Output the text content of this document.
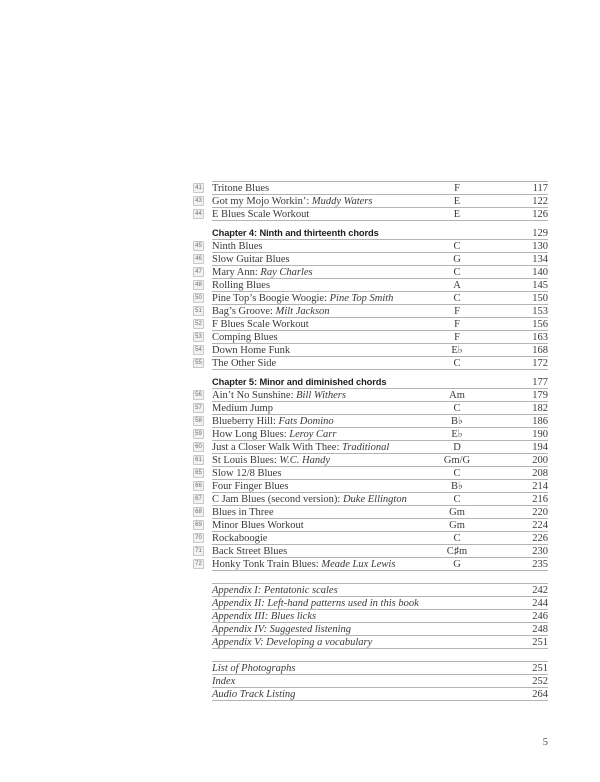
41 Tritone Blues	F	117
43 Got my Mojo Workin’: Muddy Waters	E	122
44 E Blues Scale Workout	E	126
Chapter 4: Ninth and thirteenth chords	129
45 Ninth Blues	C	130
46 Slow Guitar Blues	G	134
47 Mary Ann: Ray Charles	C	140
48 Rolling Blues	A	145
50 Pine Top’s Boogie Woogie: Pine Top Smith	C	150
51 Bag’s Groove: Milt Jackson	F	153
52 F Blues Scale Workout	F	156
53 Comping Blues	F	163
54 Down Home Funk	E♭	168
55 The Other Side	C	172
Chapter 5: Minor and diminished chords	177
56 Ain’t No Sunshine: Bill Withers	Am	179
57 Medium Jump	C	182
58 Blueberry Hill: Fats Domino	B♭	186
59 How Long Blues: Leroy Carr	E♭	190
60 Just a Closer Walk With Thee: Traditional	D	194
61 St Louis Blues: W.C. Handy	Gm/G	200
65 Slow 12/8 Blues	C	208
66 Four Finger Blues	B♭	214
67 C Jam Blues (second version): Duke Ellington	C	216
68 Blues in Three	Gm	220
69 Minor Blues Workout	Gm	224
70 Rockaboogie	C	226
71 Back Street Blues	C♯m	230
72 Honky Tonk Train Blues: Meade Lux Lewis	G	235
Appendix I: Pentatonic scales	242
Appendix II: Left-hand patterns used in this book	244
Appendix III: Blues licks	246
Appendix IV: Suggested listening	248
Appendix V: Developing a vocabulary	251
List of Photographs	251
Index	252
Audio Track Listing	264
5
